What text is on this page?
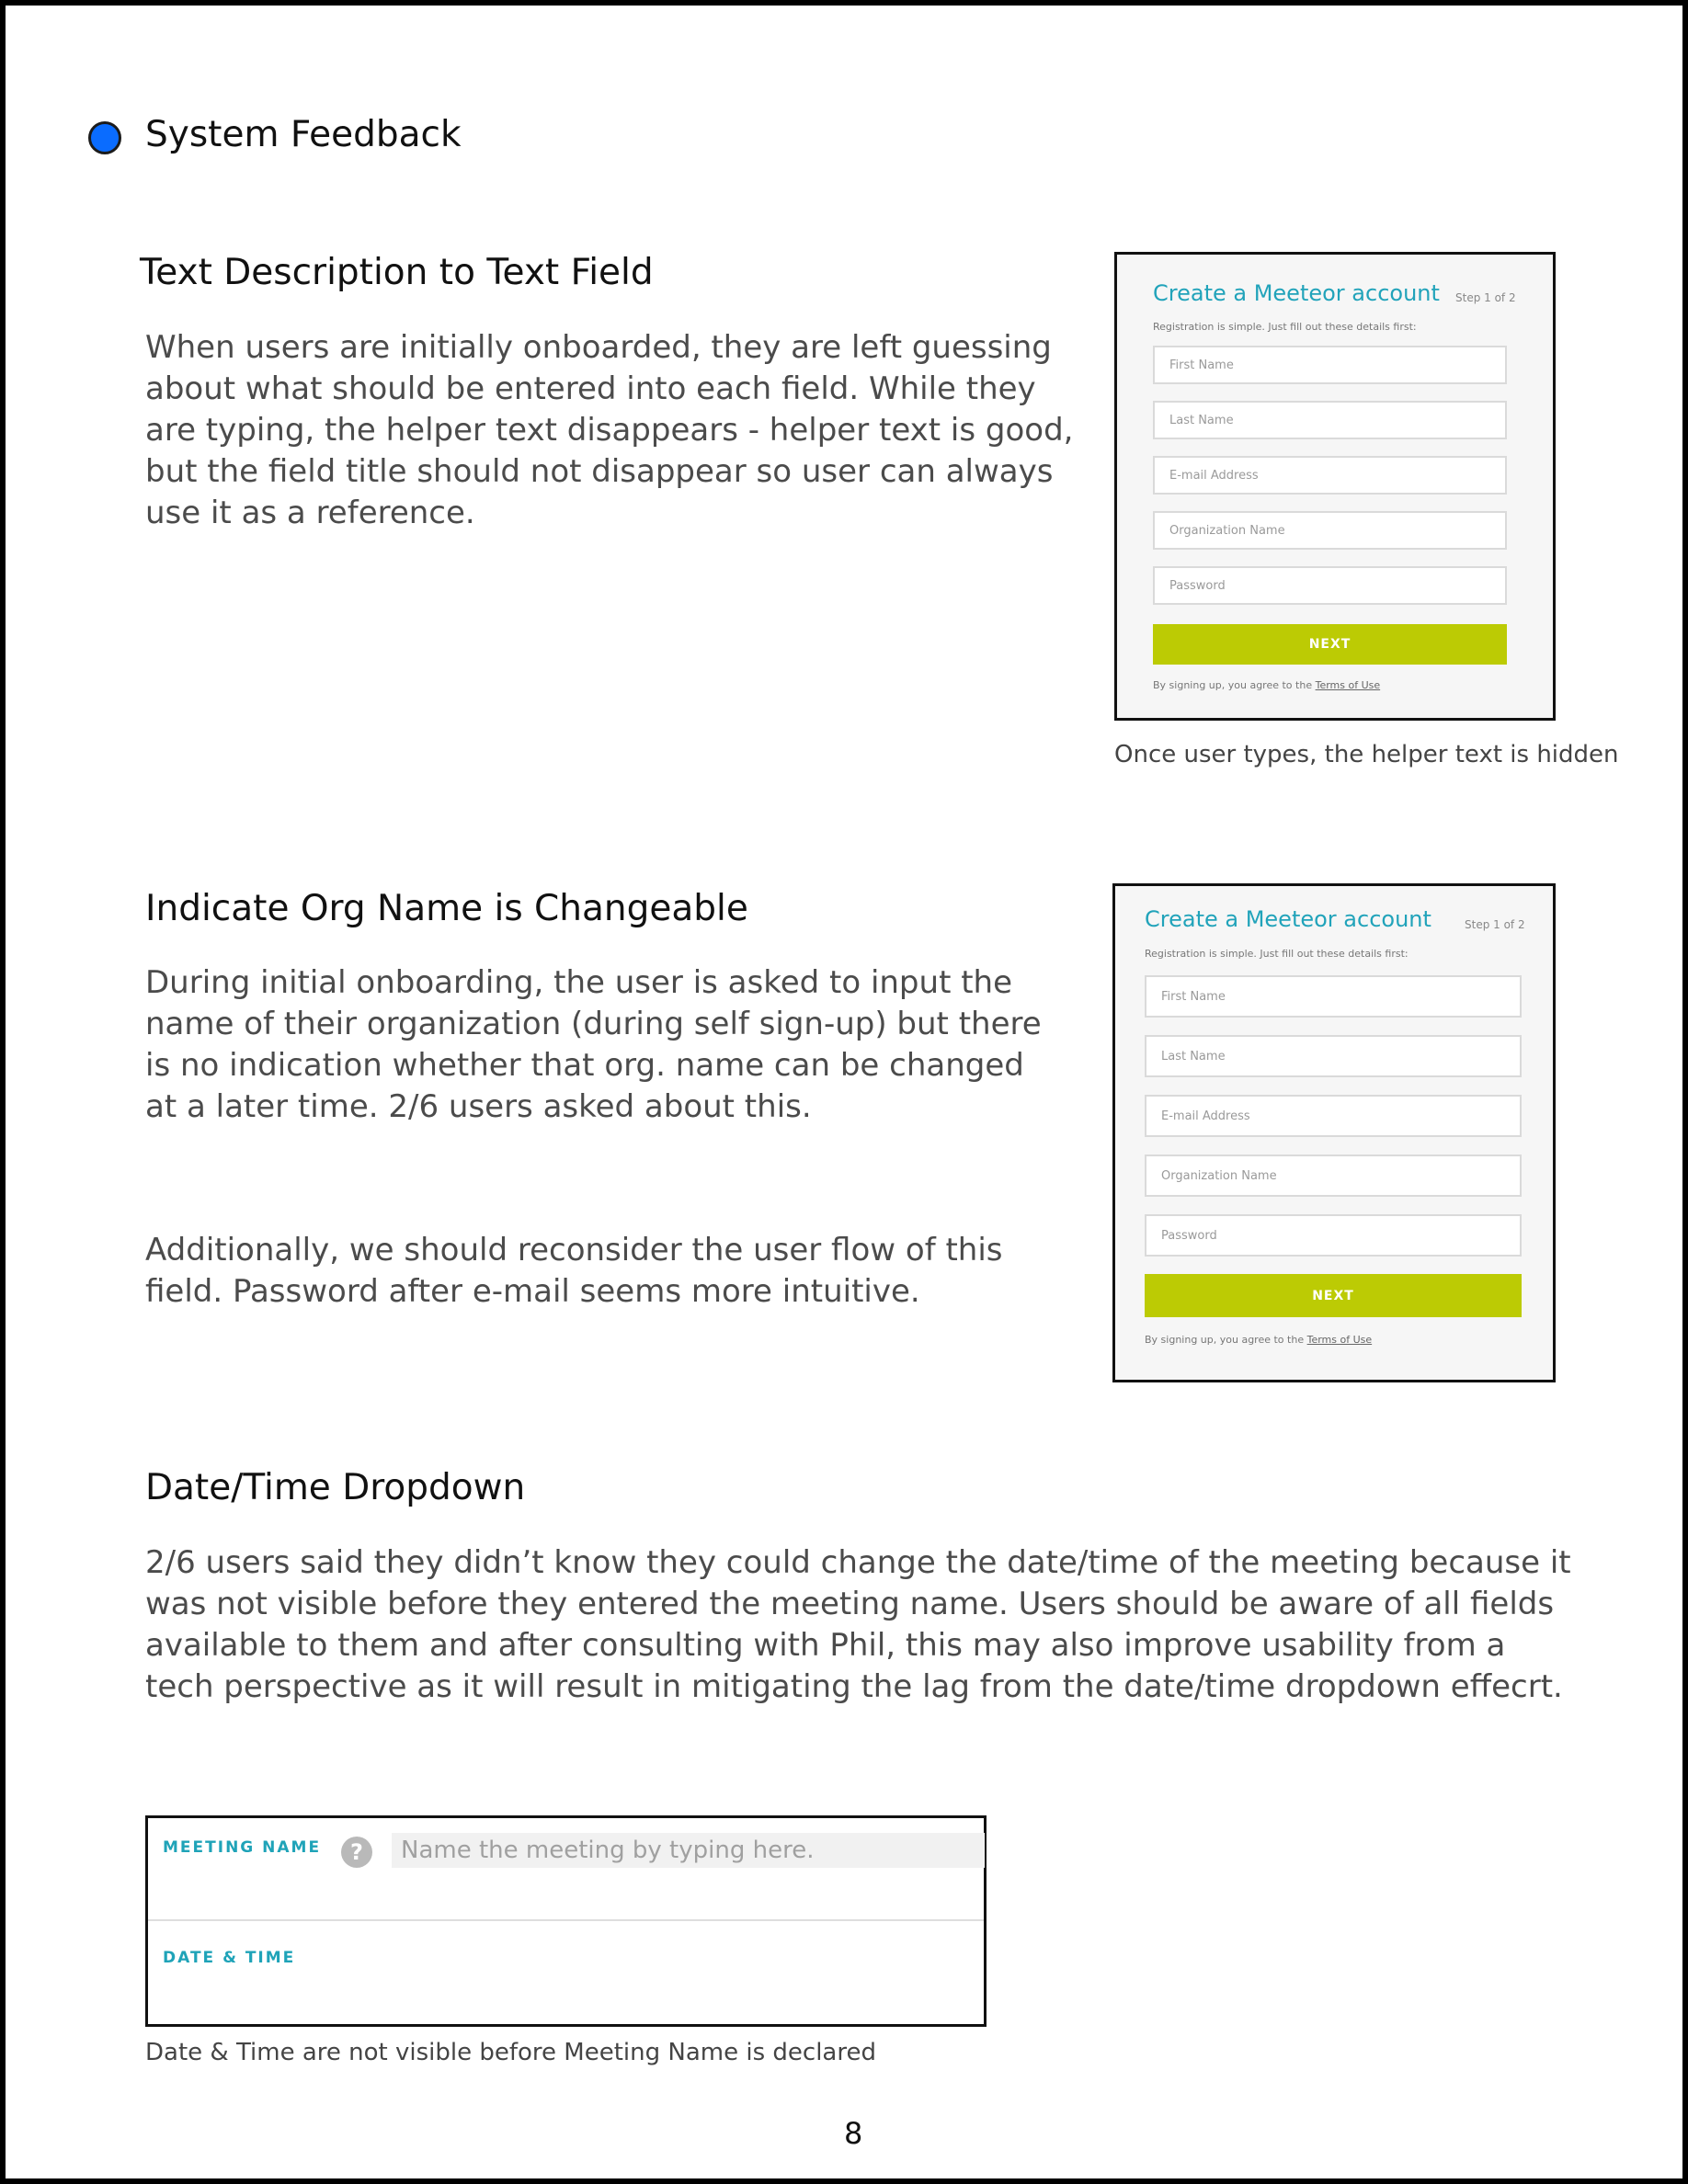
System Feedback
Text Description to Text Field

When users are initially onboarded, they are left guessing about what should be entered into each field. While they are typing, the helper text disappears - helper text is good, but the field title should not disappear so user can always use it as a reference.

Create a Meeteor account Step 1 of 2
Registration is simple. Just fill out these details first:
First Name
Last Name
E-mail Address
Organization Name
Password
NEXT
By signing up, you agree to the Terms of Use
Once user types, the helper text is hidden
Indicate Org Name is Changeable

During initial onboarding, the user is asked to input the name of their organization (during self sign-up) but there is no indication whether that org. name can be changed at a later time. 2/6 users asked about this.

Additionally, we should reconsider the user flow of this field. Password after e-mail seems more intuitive.

Create a Meeteor account	Step 1 of 2
Registration is simple. Just fill out these details first:
First Name
Last Name
E-mail Address
Organization Name
Password
NEXT
By signing up, you agree to the Terms of Use
Date/Time Dropdown

2/6 users said they didn’t know they could change the date/time of the meeting because it was not visible before they entered the meeting name. Users should be aware of all fields available to them and after consulting with Phil, this may also improve usability from a tech perspective as it will result in mitigating the lag from the date/time dropdown effecrt.

MEETING NAME	?	Name the meeting by typing here.
DATE & TIME
Date & Time are not visible before Meeting Name is declared
8
